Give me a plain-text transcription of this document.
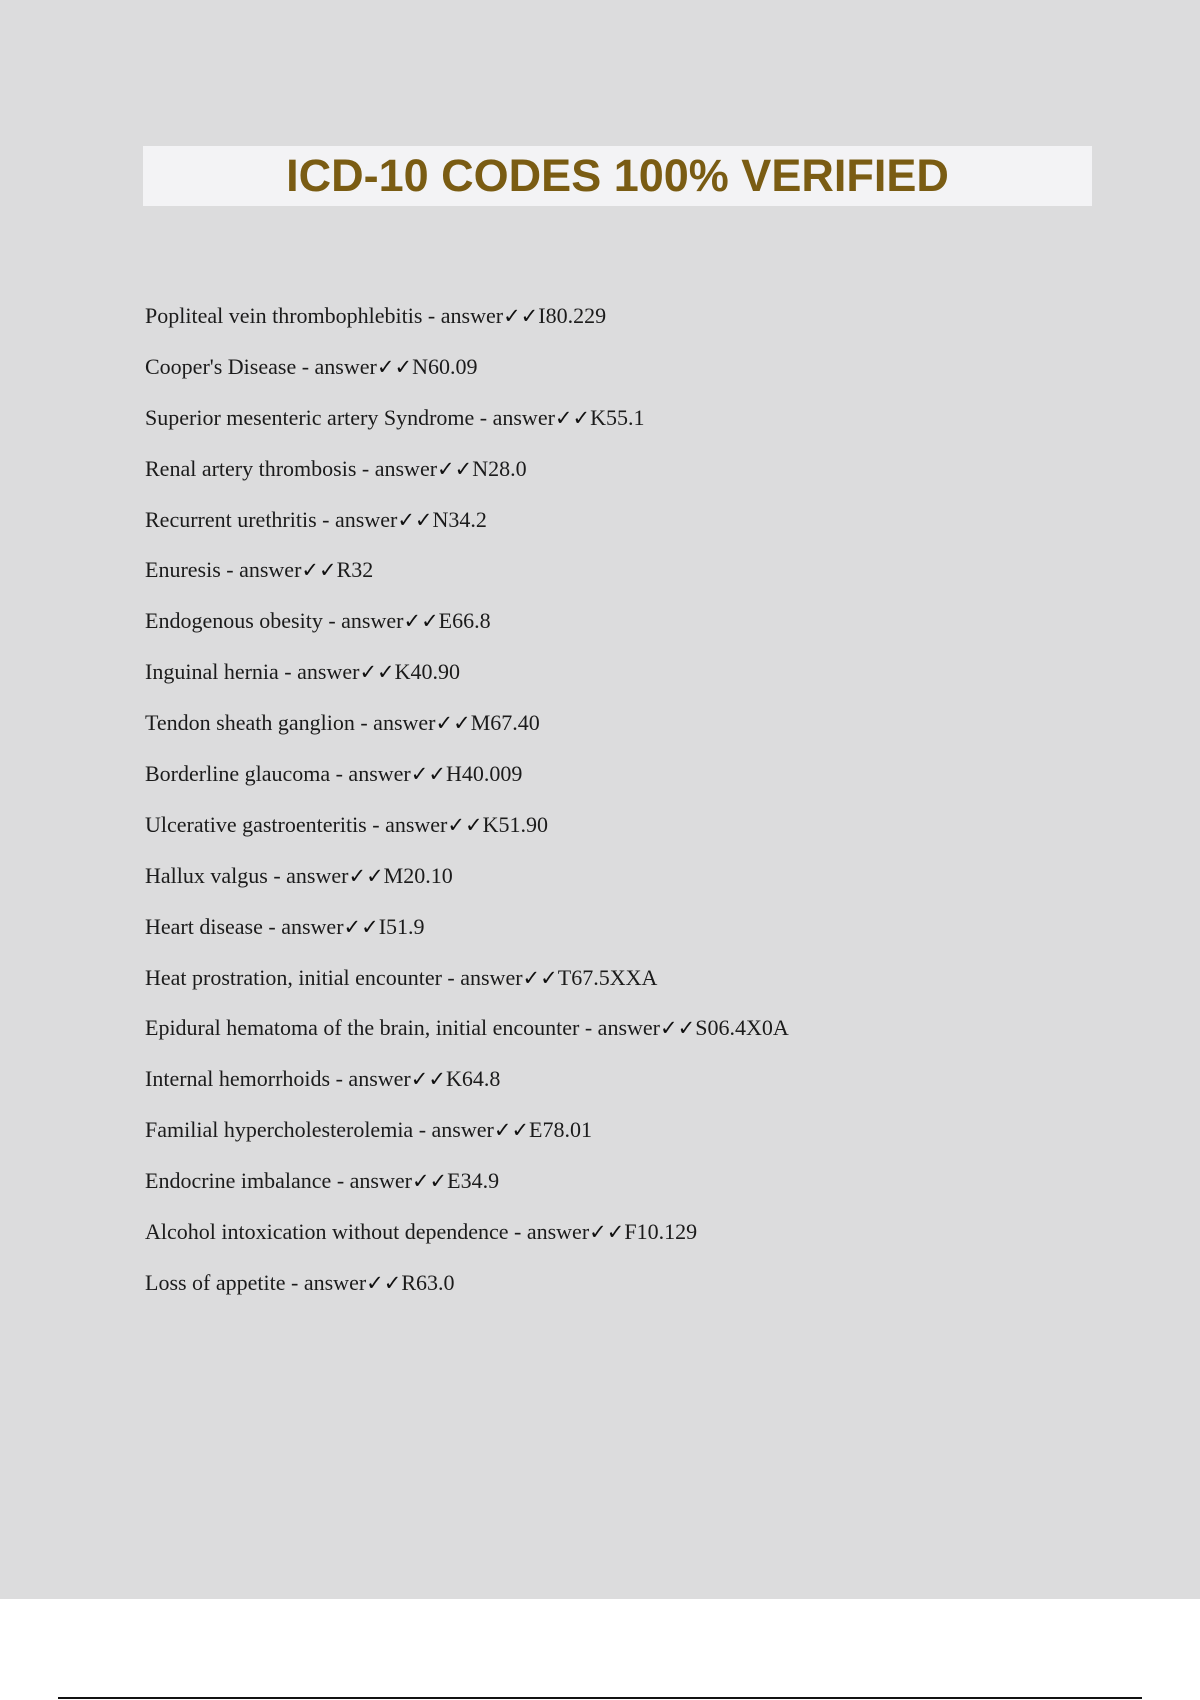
ICD-10 CODES 100% VERIFIED
Popliteal vein thrombophlebitis - answer✓✓I80.229
Cooper's Disease - answer✓✓N60.09
Superior mesenteric artery Syndrome - answer✓✓K55.1
Renal artery thrombosis - answer✓✓N28.0
Recurrent urethritis - answer✓✓N34.2
Enuresis - answer✓✓R32
Endogenous obesity - answer✓✓E66.8
Inguinal hernia - answer✓✓K40.90
Tendon sheath ganglion - answer✓✓M67.40
Borderline glaucoma - answer✓✓H40.009
Ulcerative gastroenteritis - answer✓✓K51.90
Hallux valgus - answer✓✓M20.10
Heart disease - answer✓✓I51.9
Heat prostration, initial encounter - answer✓✓T67.5XXA
Epidural hematoma of the brain, initial encounter - answer✓✓S06.4X0A
Internal hemorrhoids - answer✓✓K64.8
Familial hypercholesterolemia - answer✓✓E78.01
Endocrine imbalance - answer✓✓E34.9
Alcohol intoxication without dependence - answer✓✓F10.129
Loss of appetite - answer✓✓R63.0
